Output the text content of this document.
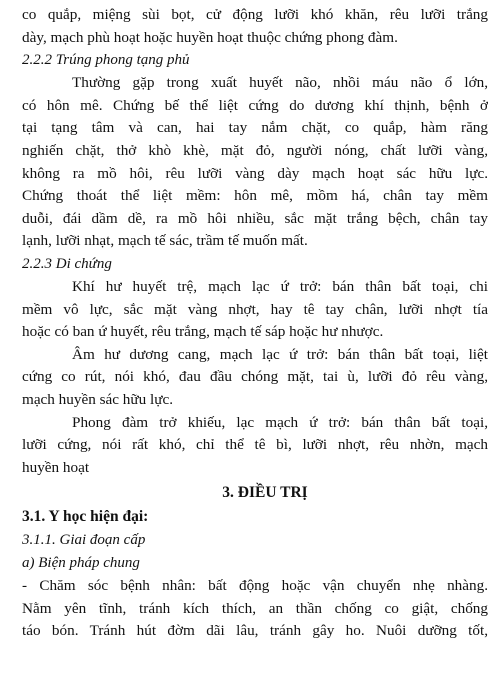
co quắp, miệng sùi bọt, cử động lưỡi khó khăn, rêu lưỡi trắng
dày, mạch phù hoạt hoặc huyền hoạt thuộc chứng phong đàm.
2.2.2 Trúng phong tạng phủ
Thường gặp trong xuất huyết não, nhồi máu não ổ lớn,
có hôn mê. Chứng bế thể liệt cứng do dương khí thịnh, bệnh ở
tại tạng tâm và can, hai tay nắm chặt, co quắp, hàm răng
nghiến chặt, thở khò khè, mặt đỏ, người nóng, chất lưỡi vàng,
không ra mồ hôi, rêu lưỡi vàng dày mạch hoạt sác hữu lực.
Chứng thoát thể liệt mềm: hôn mê, mồm há, chân tay mềm
duỗi, đái dầm dề, ra mồ hôi nhiều, sắc mặt trắng bệch, chân tay
lạnh, lưỡi nhạt, mạch tế sác, trầm tế muốn mất.
2.2.3 Di chứng
Khí hư huyết trệ, mạch lạc ứ trở: bán thân bất toại, chi
mềm vô lực, sắc mặt vàng nhợt, hay tê tay chân, lưỡi nhợt tía
hoặc có ban ứ huyết, rêu trắng, mạch tế sáp hoặc hư nhược.
Âm hư dương cang, mạch lạc ứ trở: bán thân bất toại, liệt
cứng co rút, nói khó, đau đầu chóng mặt, tai ù, lưỡi đỏ rêu vàng,
mạch huyền sác hữu lực.
Phong đàm trở khiếu, lạc mạch ứ trở: bán thân bất toại,
lưỡi cứng, nói rất khó, chỉ thể tê bì, lưỡi nhợt, rêu nhờn, mạch
huyền hoạt
3. ĐIỀU TRỊ
3.1. Y học hiện đại:
3.1.1. Giai đoạn cấp
a) Biện pháp chung
- Chăm sóc bệnh nhân: bất động hoặc vận chuyển nhẹ nhàng.
Nằm yên tĩnh, tránh kích thích, an thần chống co giật, chống
táo bón. Tránh hút đờm dãi lâu, tránh gây ho. Nuôi dưỡng tốt,
